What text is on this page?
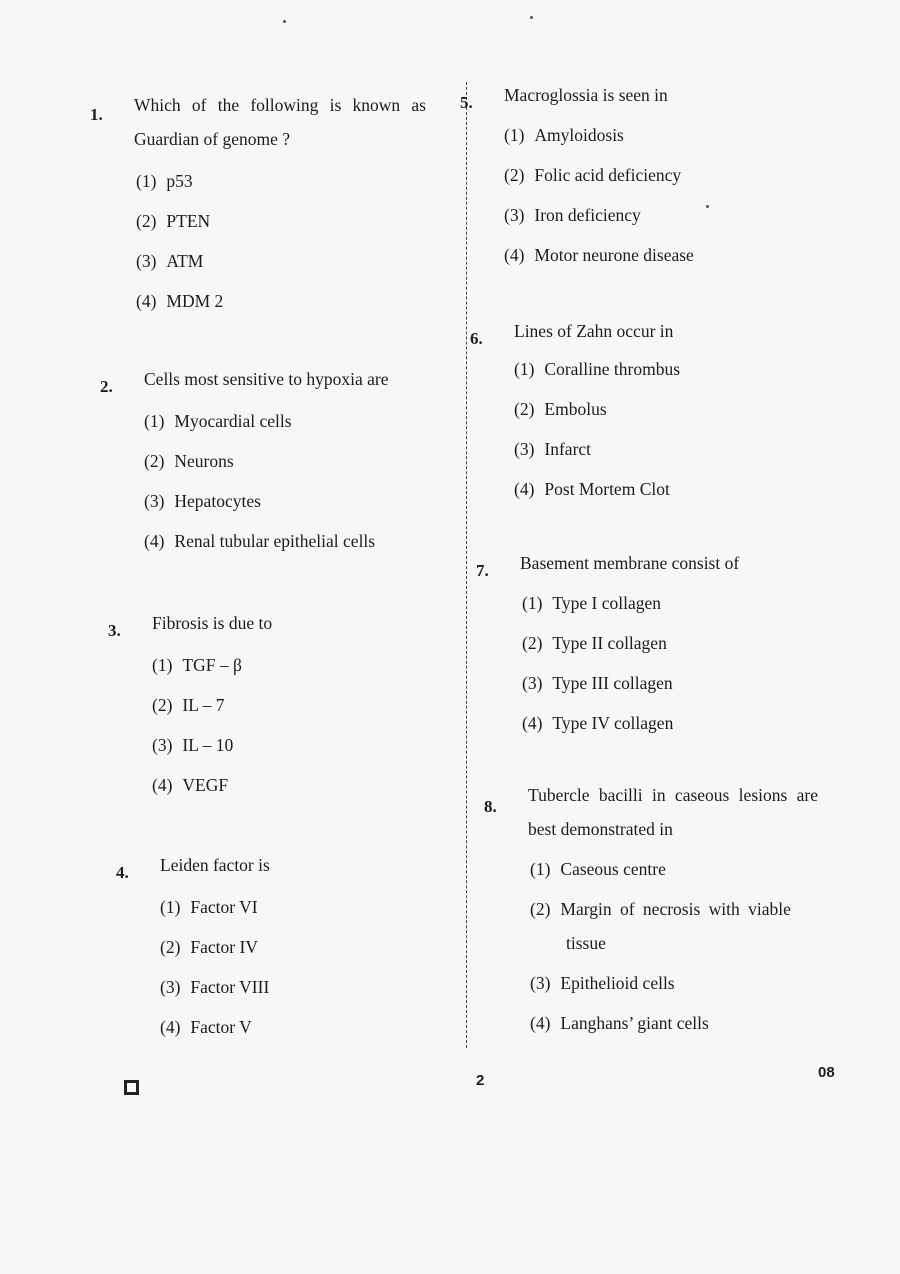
1. Which of the following is known as Guardian of genome ?
(1) p53
(2) PTEN
(3) ATM
(4) MDM 2
2. Cells most sensitive to hypoxia are
(1) Myocardial cells
(2) Neurons
(3) Hepatocytes
(4) Renal tubular epithelial cells
3. Fibrosis is due to
(1) TGF – β
(2) IL – 7
(3) IL – 10
(4) VEGF
4. Leiden factor is
(1) Factor VI
(2) Factor IV
(3) Factor VIII
(4) Factor V
5. Macroglossia is seen in
(1) Amyloidosis
(2) Folic acid deficiency
(3) Iron deficiency
(4) Motor neurone disease
6. Lines of Zahn occur in
(1) Coralline thrombus
(2) Embolus
(3) Infarct
(4) Post Mortem Clot
7. Basement membrane consist of
(1) Type I collagen
(2) Type II collagen
(3) Type III collagen
(4) Type IV collagen
8.
Tubercle bacilli in caseous lesions are best demonstrated in
(1) Caseous centre
(2) Margin of necrosis with viable
tissue
(3) Epithelioid cells
(4) Langhans’ giant cells
2	08
